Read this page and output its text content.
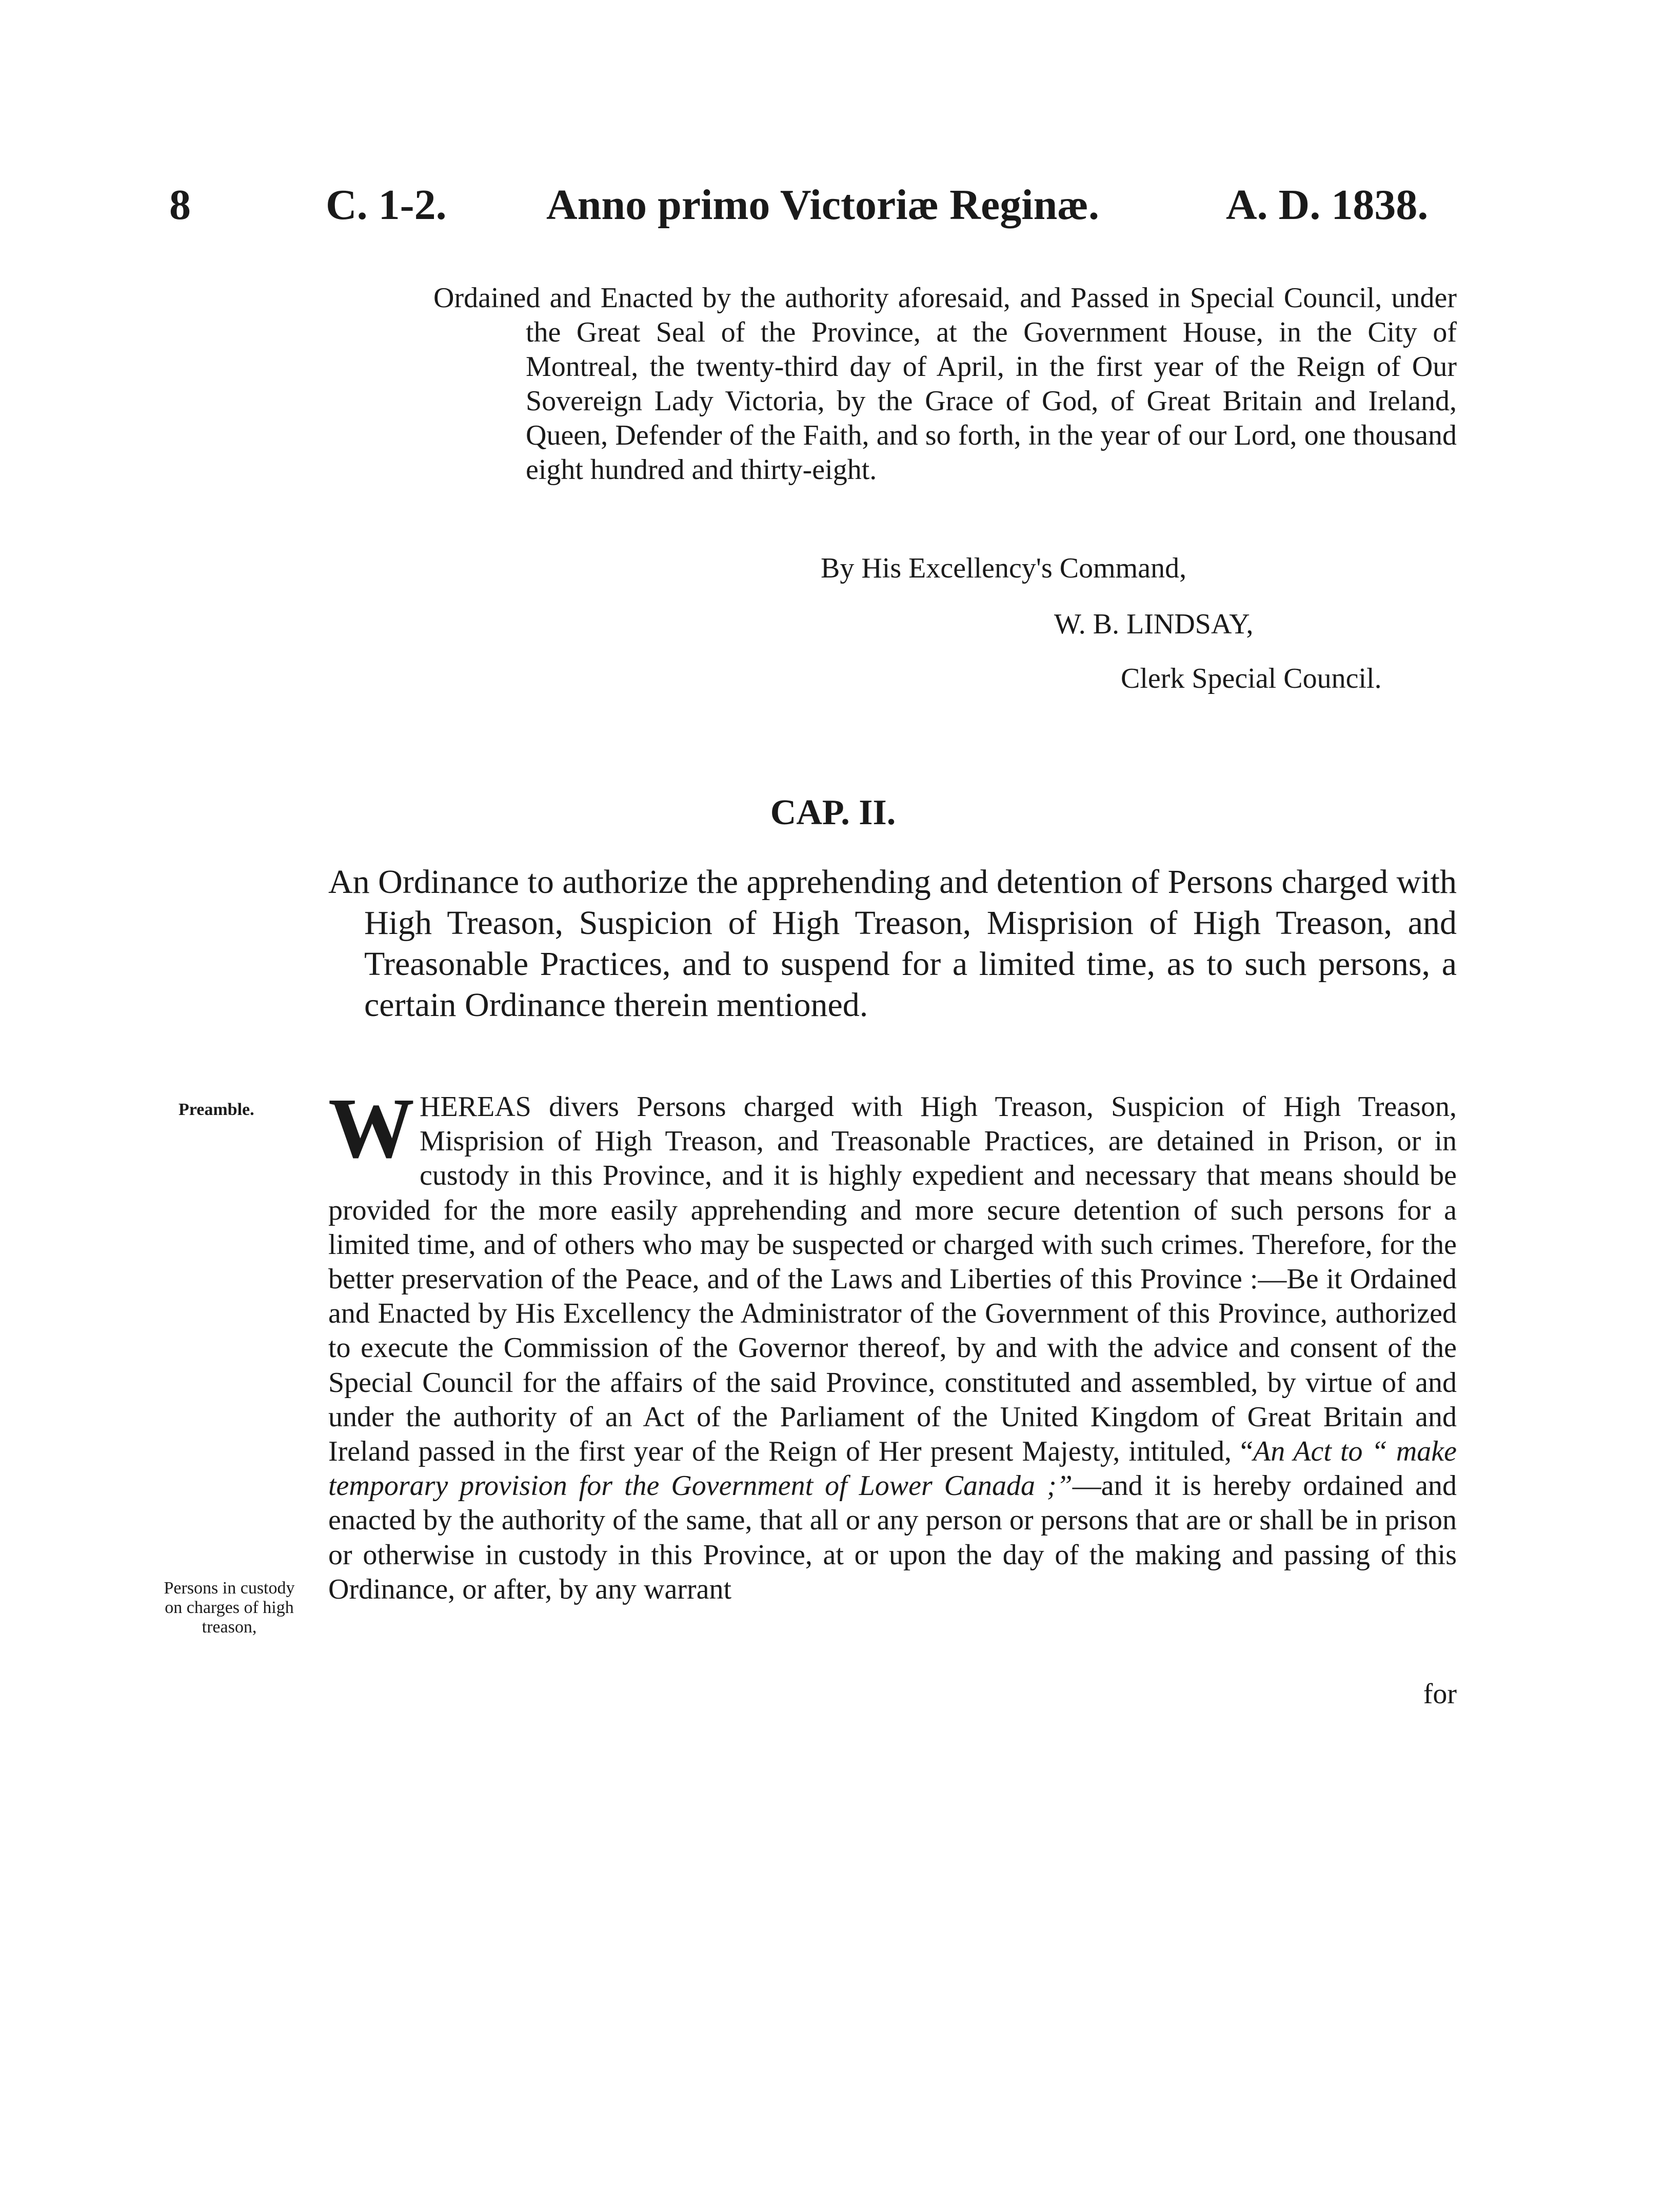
8	C. 1-2. Anno primo Victoriæ Reginæ.	A. D. 1838.

Ordained and Enacted by the authority aforesaid, and Passed in Special Council, under the Great Seal of the Province, at the Government House, in the City of Montreal, the twenty-third day of April, in the first year of the Reign of Our Sovereign Lady Victoria, by the Grace of God, of Great Britain and Ireland, Queen, Defender of the Faith, and so forth, in the year of our Lord, one thousand eight hundred and thirty-eight.

By His Excellency's Command,
W. B. LINDSAY,
Clerk Special Council.
CAP. II.

An Ordinance to authorize the apprehending and detention of Persons charged with High Treason, Suspicion of High Treason, Misprision of High Treason, and Treasonable Practices, and to suspend for a limited time, as to such persons, a certain Ordinance therein mentioned.

Preamble.
Persons in custody on charges of high treason,

WHEREAS divers Persons charged with High Treason, Suspicion of High Treason, Misprision of High Treason, and Treasonable Practices, are detained in Prison, or in custody in this Province, and it is highly expedient and necessary that means should be provided for the more easily apprehending and more secure detention of such persons for a limited time, and of others who may be suspected or charged with such crimes. Therefore, for the better preservation of the Peace, and of the Laws and Liberties of this Province :—Be it Ordained and Enacted by His Excellency the Administrator of the Government of this Province, authorized to execute the Commission of the Governor thereof, by and with the advice and consent of the Special Council for the affairs of the said Province, constituted and assembled, by virtue of and under the authority of an Act of the Parliament of the United Kingdom of Great Britain and Ireland passed in the first year of the Reign of Her present Majesty, intituled, “An Act to “ make temporary provision for the Government of Lower Canada ;”—and it is hereby ordained and enacted by the authority of the same, that all or any person or persons that are or shall be in prison or otherwise in custody in this Province, at or upon the day of the making and passing of this Ordinance, or after, by any warrant

for
